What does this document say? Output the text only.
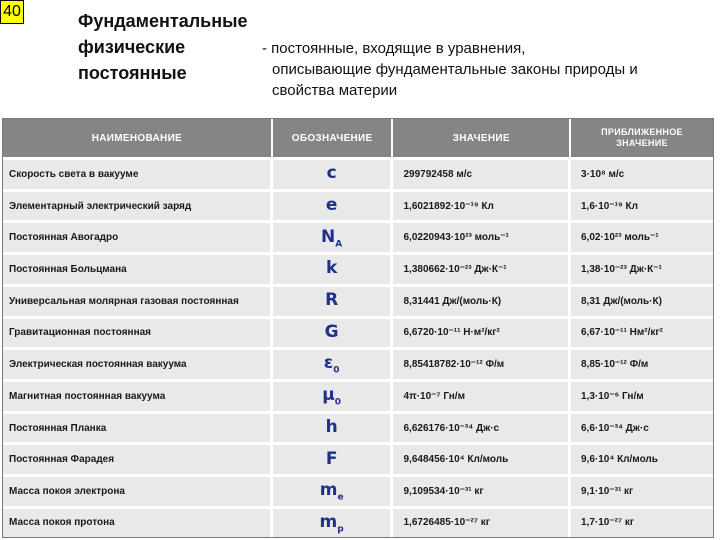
40	Фундаментальные
физические
постоянные
- постоянные, входящие в уравнения,
описывающие фундаментальные законы природы и
свойства материи
НАИМЕНОВАНИЕ	ОБОЗНАЧЕНИЕ	ЗНАЧЕНИЕ	ПРИБЛИЖЕННОЕ ЗНАЧЕНИЕ
Скорость света в вакууме	c	299792458 м/с	3·10⁸ м/с
Элементарный электрический заряд	e	1,6021892·10⁻¹⁹ Кл	1,6·10⁻¹⁹ Кл
Постоянная Авогадро	$N_A$	6,0220943·10²³ моль⁻¹	6,02·10²³ моль⁻¹
Постоянная Больцмана	k	1,380662·10⁻²³ Дж·К⁻¹	1,38·10⁻²³ Дж·К⁻¹
Универсальная молярная газовая постоянная	R	8,31441 Дж/(моль·К)	8,31 Дж/(моль·К)
Гравитационная постоянная	G	6,6720·10⁻¹¹ Н·м²/кг²	6,67·10⁻¹¹ Нм²/кг²
Электрическая постоянная вакуума	$\varepsilon_0$	8,85418782·10⁻¹² Ф/м	8,85·10⁻¹² Ф/м
Магнитная постоянная вакуума	$\mu_0$	4π·10⁻⁷ Гн/м	1,3·10⁻⁶ Гн/м
Постоянная Планка	h	6,626176·10⁻³⁴ Дж·с	6,6·10⁻³⁴ Дж·с
Постоянная Фарадея	F	9,648456·10⁴ Кл/моль	9,6·10⁴ Кл/моль
Масса покоя электрона	$m_e$	9,109534·10⁻³¹ кг	9,1·10⁻³¹ кг
Масса покоя протона	$m_p$	1,6726485·10⁻²⁷ кг	1,7·10⁻²⁷ кг
